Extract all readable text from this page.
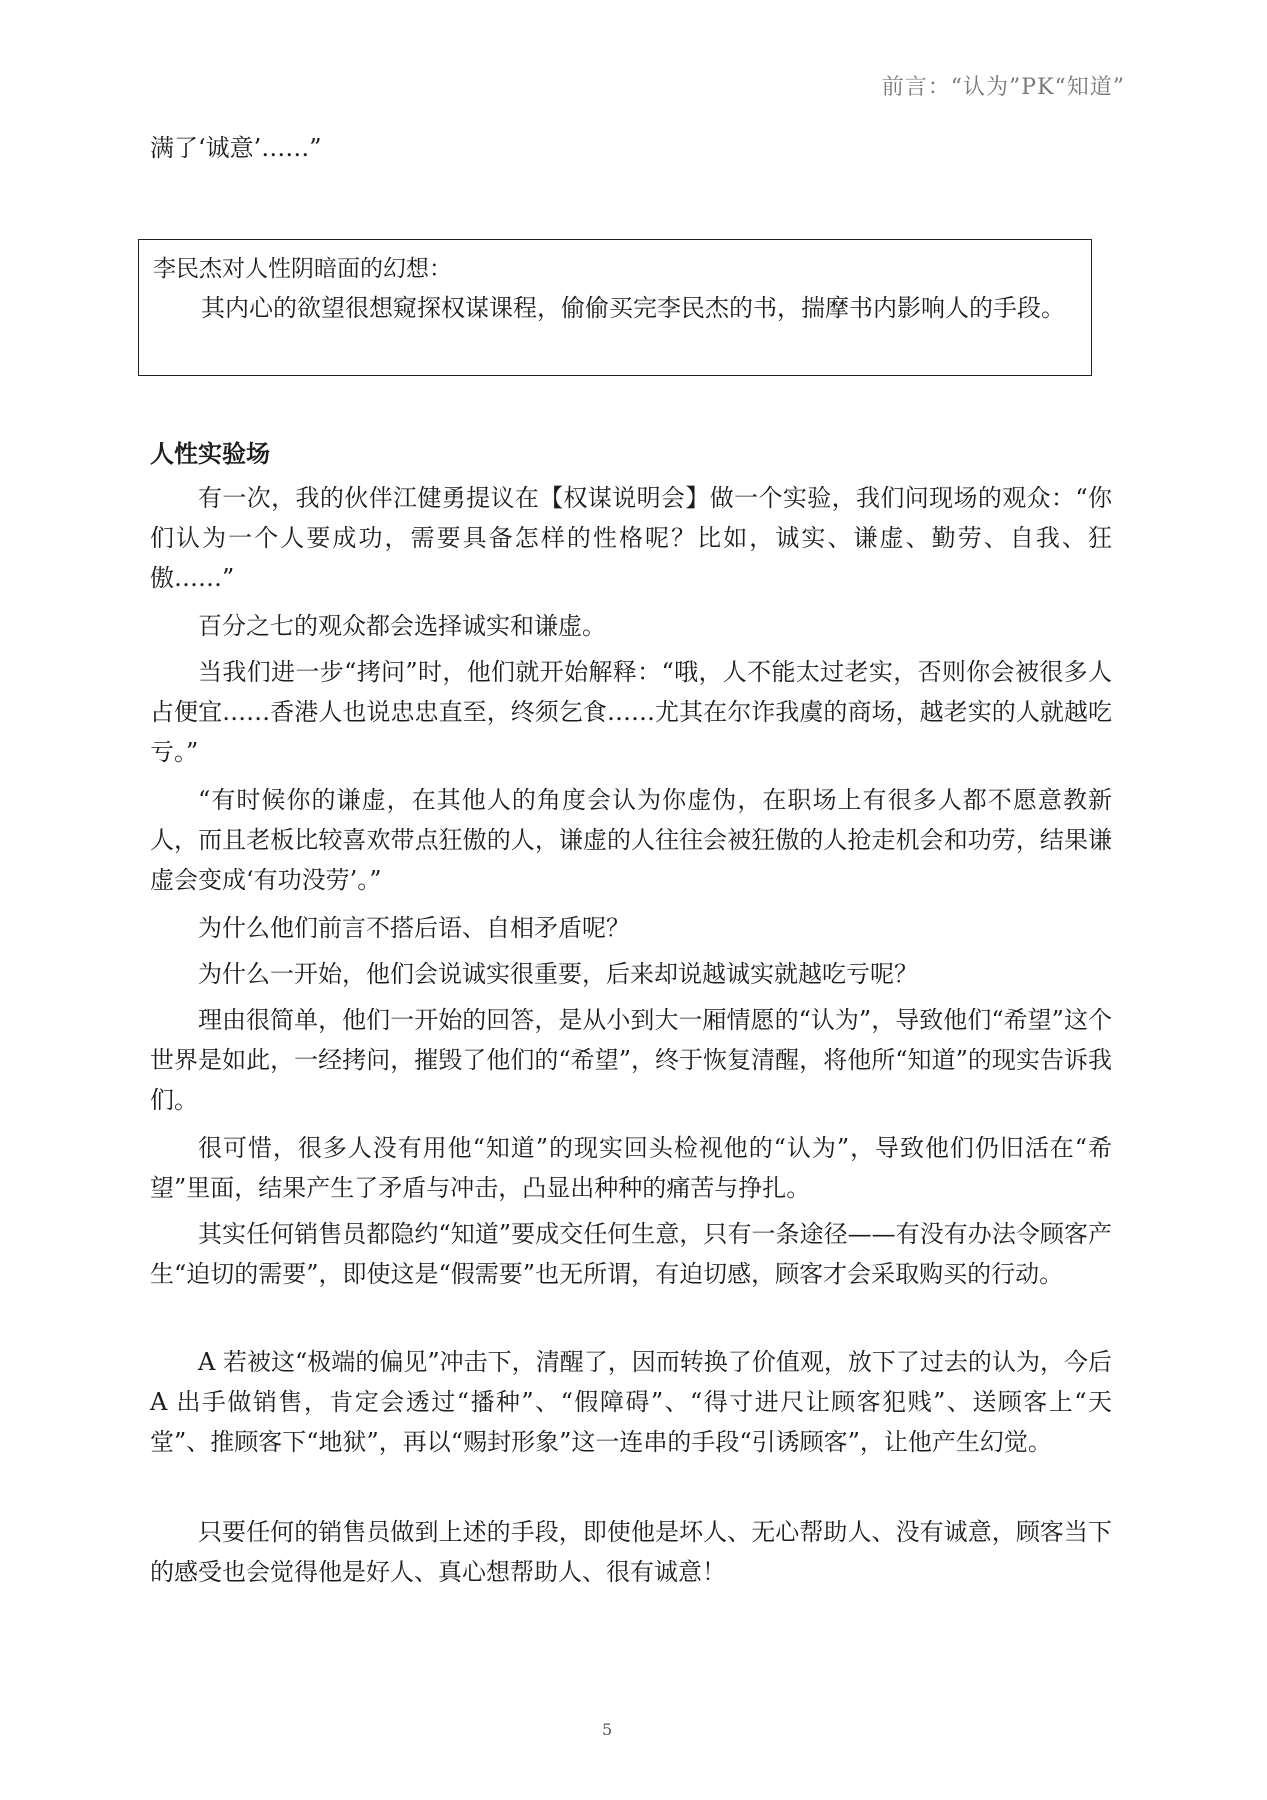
前言：“认为”PK“知道”

满了‘诚意’……”

李民杰对人性阴暗面的幻想：

其内心的欲望很想窥探权谋课程，偷偷买完李民杰的书，揣摩书内影响人的手段。

人性实验场

有一次，我的伙伴江健勇提议在【权谋说明会】做一个实验，我们问现场的观众：“你们认为一个人要成功，需要具备怎样的性格呢？比如，诚实、谦虚、勤劳、自我、狂傲……”

百分之七的观众都会选择诚实和谦虚。

当我们进一步“拷问”时，他们就开始解释：“哦，人不能太过老实，否则你会被很多人占便宜……香港人也说忠忠直至，终须乞食……尤其在尔诈我虞的商场，越老实的人就越吃亏。”

“有时候你的谦虚，在其他人的角度会认为你虚伪，在职场上有很多人都不愿意教新人，而且老板比较喜欢带点狂傲的人，谦虚的人往往会被狂傲的人抢走机会和功劳，结果谦虚会变成‘有功没劳’。”

为什么他们前言不搭后语、自相矛盾呢？

为什么一开始，他们会说诚实很重要，后来却说越诚实就越吃亏呢？

理由很简单，他们一开始的回答，是从小到大一厢情愿的“认为”，导致他们“希望”这个世界是如此，一经拷问，摧毁了他们的“希望”，终于恢复清醒，将他所“知道”的现实告诉我们。

很可惜，很多人没有用他“知道”的现实回头检视他的“认为”，导致他们仍旧活在“希望”里面，结果产生了矛盾与冲击，凸显出种种的痛苦与挣扎。

其实任何销售员都隐约“知道”要成交任何生意，只有一条途径——有没有办法令顾客产生“迫切的需要”，即使这是“假需要”也无所谓，有迫切感，顾客才会采取购买的行动。

A 若被这“极端的偏见”冲击下，清醒了，因而转换了价值观，放下了过去的认为，今后 A 出手做销售，肯定会透过“播种”、“假障碍”、“得寸进尺让顾客犯贱”、送顾客上“天堂”、推顾客下“地狱”，再以“赐封形象”这一连串的手段“引诱顾客”，让他产生幻觉。

只要任何的销售员做到上述的手段，即使他是坏人、无心帮助人、没有诚意，顾客当下的感受也会觉得他是好人、真心想帮助人、很有诚意！

5
